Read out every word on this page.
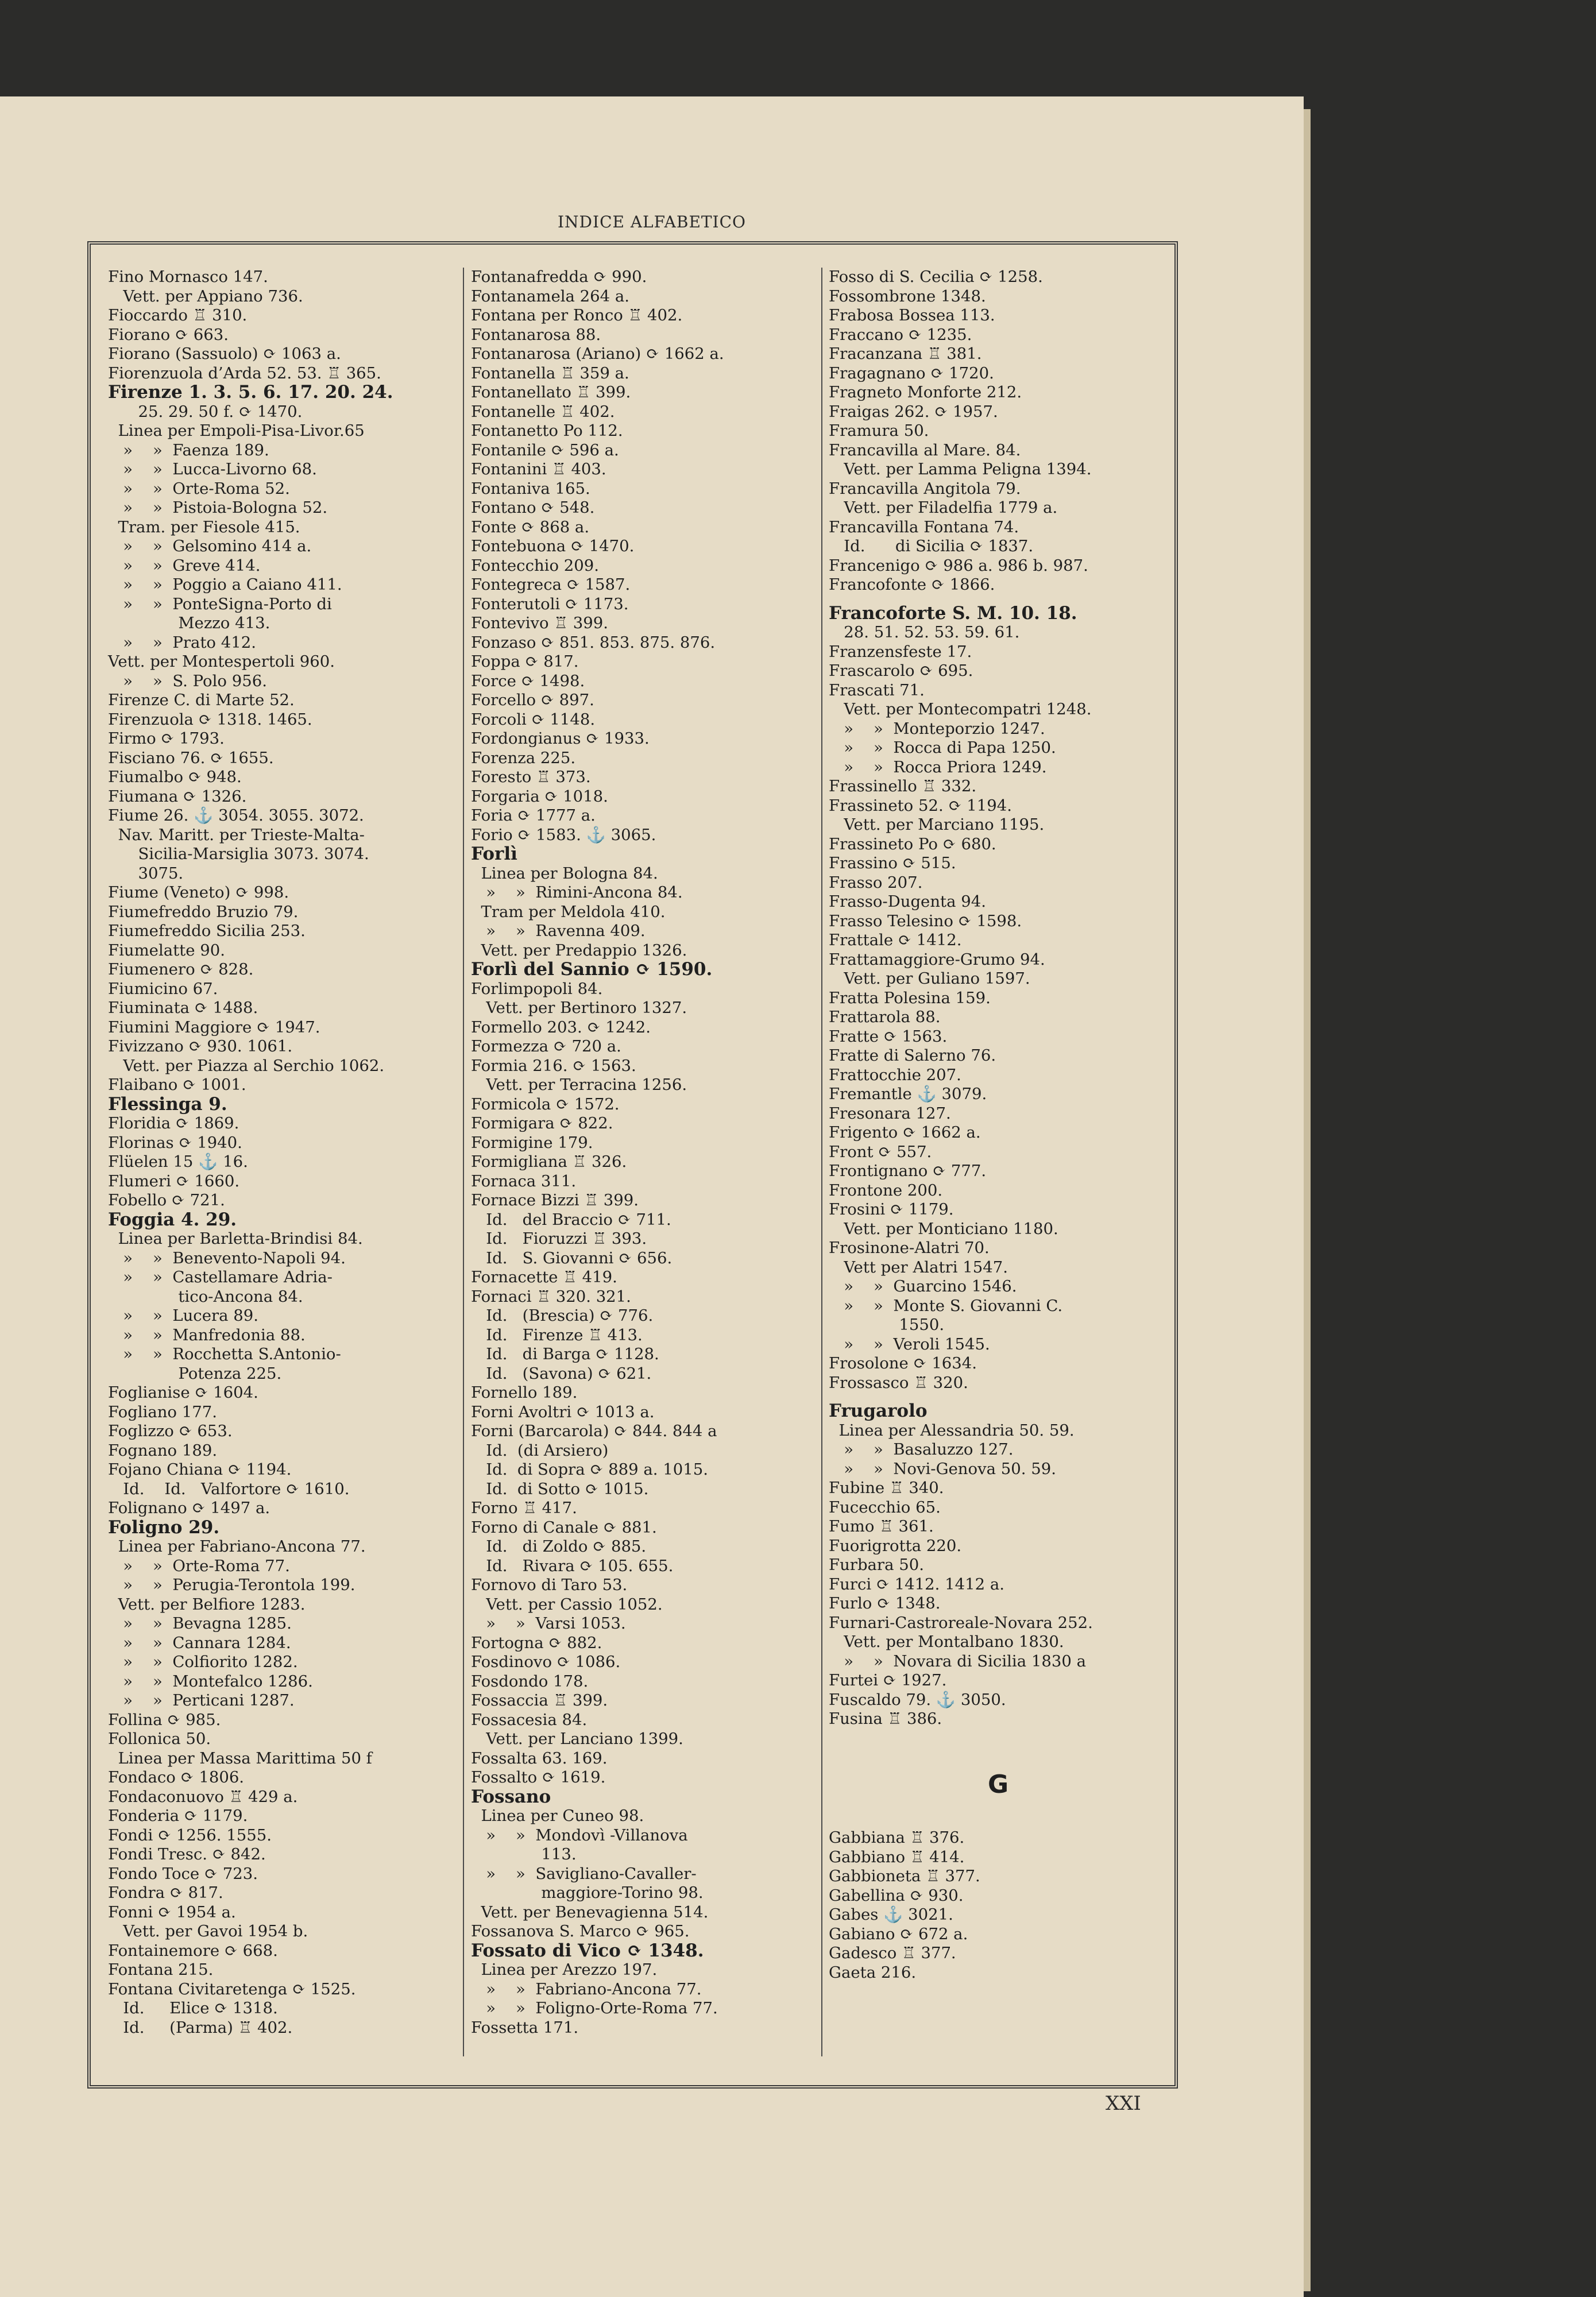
INDICE ALFABETICO
Fino Mornasco 147.
Vett. per Appiano 736.
Fioccardo ♖ 310.
Fiorano ⟳ 663.
Fiorano (Sassuolo) ⟳ 1063 a.
Fiorenzuola d’Arda 52. 53. ♖ 365.
Firenze 1. 3. 5. 6. 17. 20. 24.
25. 29. 50 f. ⟳ 1470.
Linea per Empoli-Pisa-Livor.65
»    »  Faenza 189.
»    »  Lucca-Livorno 68.
»    »  Orte-Roma 52.
»    »  Pistoia-Bologna 52.
Tram. per Fiesole 415.
»    »  Gelsomino 414 a.
»    »  Greve 414.
»    »  Poggio a Caiano 411.
»    »  PonteSigna-Porto di
Mezzo 413.
»    »  Prato 412.
Vett. per Montespertoli 960.
»    »  S. Polo 956.
Firenze C. di Marte 52.
Firenzuola ⟳ 1318. 1465.
Firmo ⟳ 1793.
Fisciano 76. ⟳ 1655.
Fiumalbo ⟳ 948.
Fiumana ⟳ 1326.
Fiume 26. ⚓ 3054. 3055. 3072.
Nav. Maritt. per Trieste-Malta-
Sicilia-Marsiglia 3073. 3074.
3075.
Fiume (Veneto) ⟳ 998.
Fiumefreddo Bruzio 79.
Fiumefreddo Sicilia 253.
Fiumelatte 90.
Fiumenero ⟳ 828.
Fiumicino 67.
Fiuminata ⟳ 1488.
Fiumini Maggiore ⟳ 1947.
Fivizzano ⟳ 930. 1061.
Vett. per Piazza al Serchio 1062.
Flaibano ⟳ 1001.
Flessinga 9.
Floridia ⟳ 1869.
Florinas ⟳ 1940.
Flüelen 15 ⚓ 16.
Flumeri ⟳ 1660.
Fobello ⟳ 721.
Foggia 4. 29.
Linea per Barletta-Brindisi 84.
»    »  Benevento-Napoli 94.
»    »  Castellamare Adria-
tico-Ancona 84.
»    »  Lucera 89.
»    »  Manfredonia 88.
»    »  Rocchetta S.Antonio-
Potenza 225.
Foglianise ⟳ 1604.
Fogliano 177.
Foglizzo ⟳ 653.
Fognano 189.
Fojano Chiana ⟳ 1194.
Id.    Id.   Valfortore ⟳ 1610.
Folignano ⟳ 1497 a.
Foligno 29.
Linea per Fabriano-Ancona 77.
»    »  Orte-Roma 77.
»    »  Perugia-Terontola 199.
Vett. per Belfiore 1283.
»    »  Bevagna 1285.
»    »  Cannara 1284.
»    »  Colfiorito 1282.
»    »  Montefalco 1286.
»    »  Perticani 1287.
Follina ⟳ 985.
Follonica 50.
Linea per Massa Marittima 50 f
Fondaco ⟳ 1806.
Fondaconuovo ♖ 429 a.
Fonderia ⟳ 1179.
Fondi ⟳ 1256. 1555.
Fondi Tresc. ⟳ 842.
Fondo Toce ⟳ 723.
Fondra ⟳ 817.
Fonni ⟳ 1954 a.
Vett. per Gavoi 1954 b.
Fontainemore ⟳ 668.
Fontana 215.
Fontana Civitaretenga ⟳ 1525.
Id.     Elice ⟳ 1318.
Id.     (Parma) ♖ 402.
Fontanafredda ⟳ 990.
Fontanamela 264 a.
Fontana per Ronco ♖ 402.
Fontanarosa 88.
Fontanarosa (Ariano) ⟳ 1662 a.
Fontanella ♖ 359 a.
Fontanellato ♖ 399.
Fontanelle ♖ 402.
Fontanetto Po 112.
Fontanile ⟳ 596 a.
Fontanini ♖ 403.
Fontaniva 165.
Fontano ⟳ 548.
Fonte ⟳ 868 a.
Fontebuona ⟳ 1470.
Fontecchio 209.
Fontegreca ⟳ 1587.
Fonterutoli ⟳ 1173.
Fontevivo ♖ 399.
Fonzaso ⟳ 851. 853. 875. 876.
Foppa ⟳ 817.
Force ⟳ 1498.
Forcello ⟳ 897.
Forcoli ⟳ 1148.
Fordongianus ⟳ 1933.
Forenza 225.
Foresto ♖ 373.
Forgaria ⟳ 1018.
Foria ⟳ 1777 a.
Forio ⟳ 1583. ⚓ 3065.
Forlì
Linea per Bologna 84.
»    »  Rimini-Ancona 84.
Tram per Meldola 410.
»    »  Ravenna 409.
Vett. per Predappio 1326.
Forlì del Sannio ⟳ 1590.
Forlimpopoli 84.
Vett. per Bertinoro 1327.
Formello 203. ⟳ 1242.
Formezza ⟳ 720 a.
Formia 216. ⟳ 1563.
Vett. per Terracina 1256.
Formicola ⟳ 1572.
Formigara ⟳ 822.
Formigine 179.
Formigliana ♖ 326.
Fornaca 311.
Fornace Bizzi ♖ 399.
Id.   del Braccio ⟳ 711.
Id.   Fioruzzi ♖ 393.
Id.   S. Giovanni ⟳ 656.
Fornacette ♖ 419.
Fornaci ♖ 320. 321.
Id.   (Brescia) ⟳ 776.
Id.   Firenze ♖ 413.
Id.   di Barga ⟳ 1128.
Id.   (Savona) ⟳ 621.
Fornello 189.
Forni Avoltri ⟳ 1013 a.
Forni (Barcarola) ⟳ 844. 844 a
Id.  (di Arsiero)
Id.  di Sopra ⟳ 889 a. 1015.
Id.  di Sotto ⟳ 1015.
Forno ♖ 417.
Forno di Canale ⟳ 881.
Id.   di Zoldo ⟳ 885.
Id.   Rivara ⟳ 105. 655.
Fornovo di Taro 53.
Vett. per Cassio 1052.
»    »  Varsi 1053.
Fortogna ⟳ 882.
Fosdinovo ⟳ 1086.
Fosdondo 178.
Fossaccia ♖ 399.
Fossacesia 84.
Vett. per Lanciano 1399.
Fossalta 63. 169.
Fossalto ⟳ 1619.
Fossano
Linea per Cuneo 98.
»    »  Mondovì -Villanova
113.
»    »  Savigliano-Cavaller-
maggiore-Torino 98.
Vett. per Benevagienna 514.
Fossanova S. Marco ⟳ 965.
Fossato di Vico ⟳ 1348.
Linea per Arezzo 197.
»    »  Fabriano-Ancona 77.
»    »  Foligno-Orte-Roma 77.
Fossetta 171.
Fosso di S. Cecilia ⟳ 1258.
Fossombrone 1348.
Frabosa Bossea 113.
Fraccano ⟳ 1235.
Fracanzana ♖ 381.
Fragagnano ⟳ 1720.
Fragneto Monforte 212.
Fraigas 262. ⟳ 1957.
Framura 50.
Francavilla al Mare. 84.
Vett. per Lamma Peligna 1394.
Francavilla Angitola 79.
Vett. per Filadelfia 1779 a.
Francavilla Fontana 74.
Id.      di Sicilia ⟳ 1837.
Francenigo ⟳ 986 a. 986 b. 987.
Francofonte ⟳ 1866.
Francoforte S. M. 10. 18.
28. 51. 52. 53. 59. 61.
Franzensfeste 17.
Frascarolo ⟳ 695.
Frascati 71.
Vett. per Montecompatri 1248.
»    »  Monteporzio 1247.
»    »  Rocca di Papa 1250.
»    »  Rocca Priora 1249.
Frassinello ♖ 332.
Frassineto 52. ⟳ 1194.
Vett. per Marciano 1195.
Frassineto Po ⟳ 680.
Frassino ⟳ 515.
Frasso 207.
Frasso-Dugenta 94.
Frasso Telesino ⟳ 1598.
Frattale ⟳ 1412.
Frattamaggiore-Grumo 94.
Vett. per Guliano 1597.
Fratta Polesina 159.
Frattarola 88.
Fratte ⟳ 1563.
Fratte di Salerno 76.
Frattocchie 207.
Fremantle ⚓ 3079.
Fresonara 127.
Frigento ⟳ 1662 a.
Front ⟳ 557.
Frontignano ⟳ 777.
Frontone 200.
Frosini ⟳ 1179.
Vett. per Monticiano 1180.
Frosinone-Alatri 70.
Vett per Alatri 1547.
»    »  Guarcino 1546.
»    »  Monte S. Giovanni C.
1550.
»    »  Veroli 1545.
Frosolone ⟳ 1634.
Frossasco ♖ 320.
Frugarolo
Linea per Alessandria 50. 59.
»    »  Basaluzzo 127.
»    »  Novi-Genova 50. 59.
Fubine ♖ 340.
Fucecchio 65.
Fumo ♖ 361.
Fuorigrotta 220.
Furbara 50.
Furci ⟳ 1412. 1412 a.
Furlo ⟳ 1348.
Furnari-Castroreale-Novara 252.
Vett. per Montalbano 1830.
»    »  Novara di Sicilia 1830 a
Furtei ⟳ 1927.
Fuscaldo 79. ⚓ 3050.
Fusina ♖ 386.
G
Gabbiana ♖ 376.
Gabbiano ♖ 414.
Gabbioneta ♖ 377.
Gabellina ⟳ 930.
Gabes ⚓ 3021.
Gabiano ⟳ 672 a.
Gadesco ♖ 377.
Gaeta 216.
XXI
